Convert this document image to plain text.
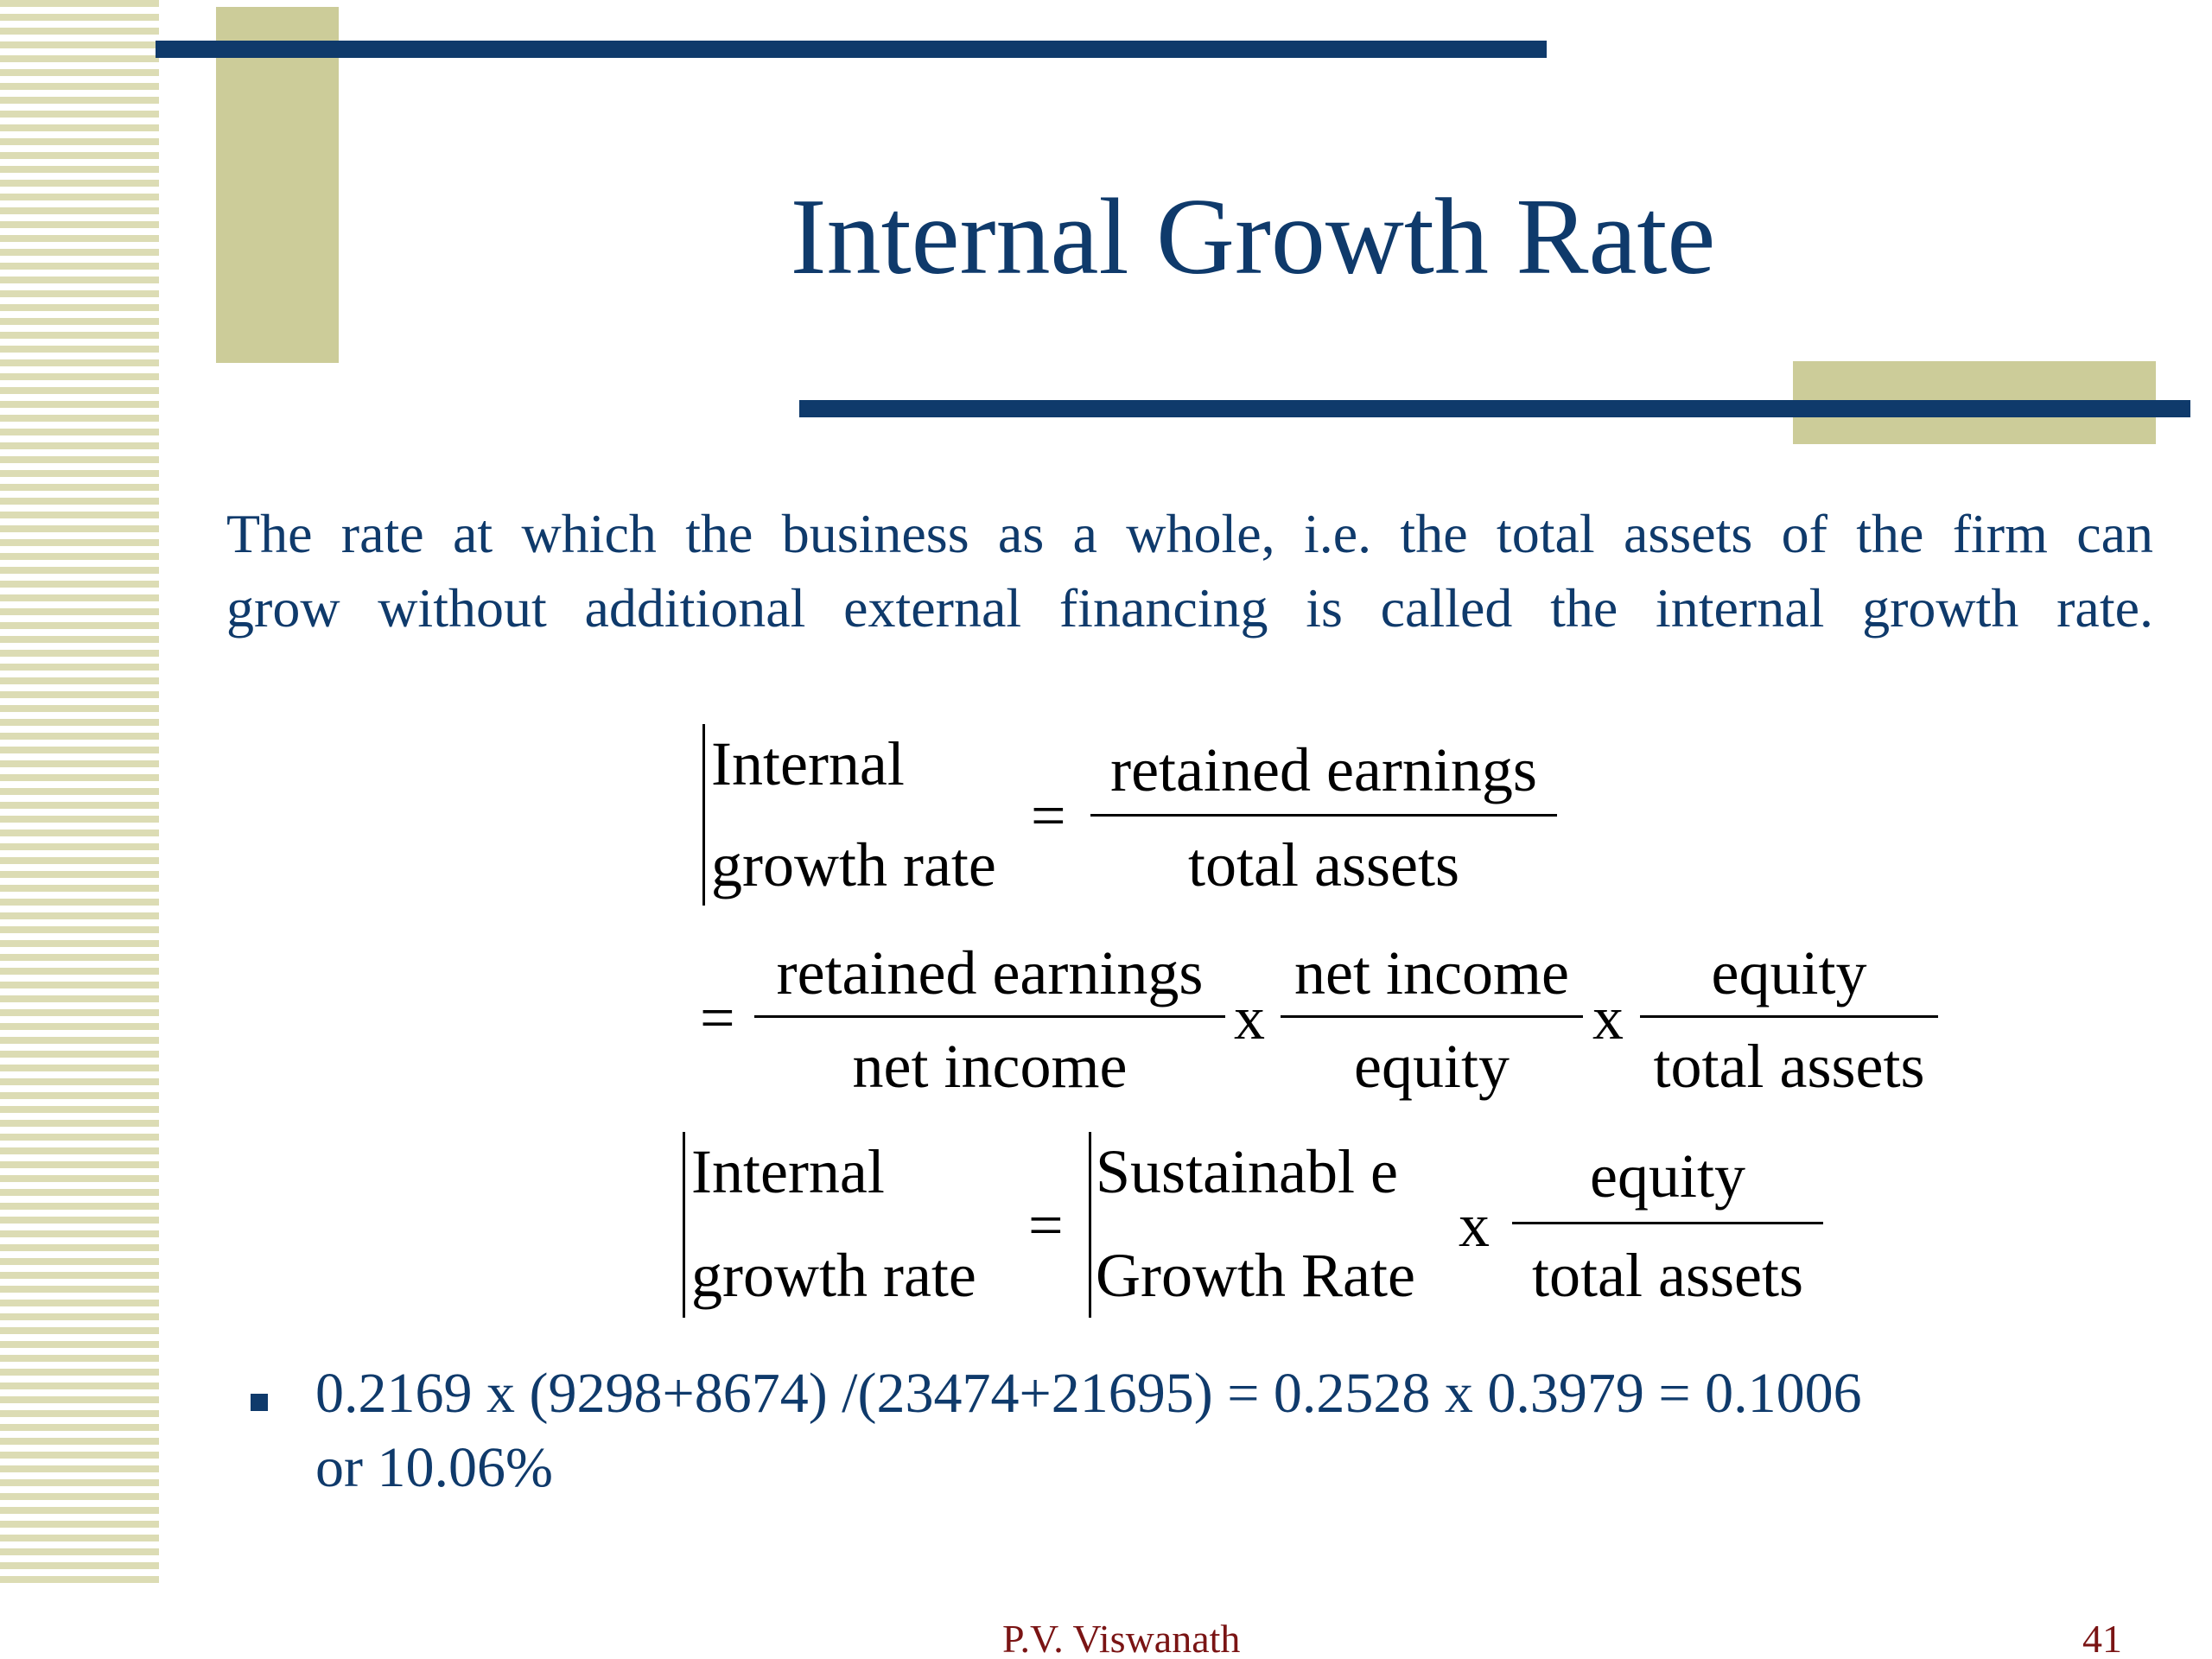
Internal Growth Rate
The rate at which the business as a whole, i.e. the total assets of the firm can
grow without additional external financing is called the internal growth rate.
Internal
growth rate
=
retained earnings
total assets
=
retained earnings
net income
x
net income
equity
x
equity
total assets
Internal
growth rate
=
Sustainabl e
Growth Rate
x
equity
total assets
0.2169 x (9298+8674) /(23474+21695) = 0.2528 x 0.3979 = 0.1006
or 10.06%
P.V. Viswanath	41
